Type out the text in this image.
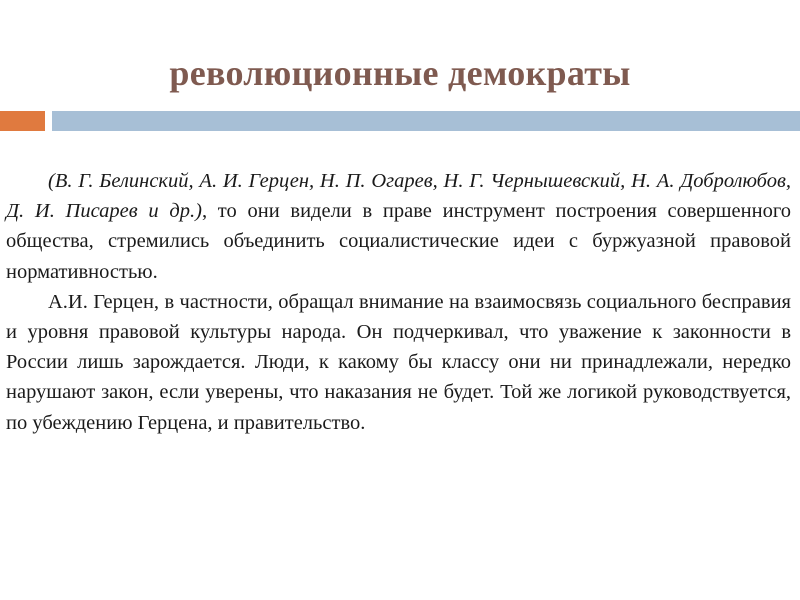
революционные демократы

(В. Г. Белинский, А. И. Герцен, Н. П. Огарев, Н. Г. Чернышевский, Н. А. Добролюбов, Д. И. Писарев и др.), то они видели в праве инструмент построения совершенного общества, стремились объединить социалистические идеи с буржуазной правовой нормативностью.

А.И. Герцен, в частности, обращал внимание на взаимосвязь социального бесправия и уровня правовой культуры народа. Он подчеркивал, что уважение к законности в России лишь зарождается. Люди, к какому бы классу они ни принадлежали, нередко нарушают закон, если уверены, что наказания не будет. Той же логикой руководствуется, по убеждению Герцена, и правительство.
